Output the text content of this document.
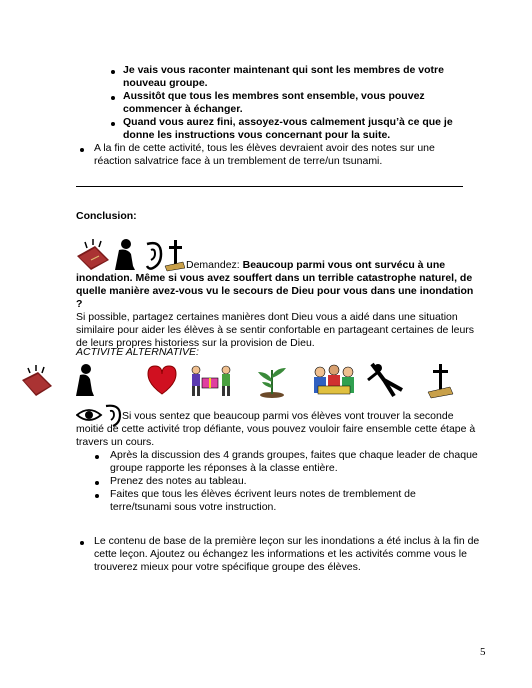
Je vais vous raconter maintenant qui sont les membres de votre nouveau groupe.

Aussitôt que tous les membres sont ensemble, vous pouvez commencer à échanger.

Quand vous aurez fini, assoyez-vous calmement jusqu’à ce que je donne les instructions vous concernant pour la suite.

A la fin de cette activité, tous les élèves devraient avoir des notes sur une réaction salvatrice face à un tremblement de terre/un tsunami.

Conclusion:

Demandez: Beaucoup parmi vous ont survécu à une inondation. Même si vous avez souffert dans un terrible catastrophe naturel, de quelle manière avez-vous vu le secours de Dieu pour vous dans une inondation ?

Si possible, partagez certaines manières dont Dieu vous a aidé dans une situation similaire pour aider les élèves à se sentir confortable en partageant certaines de leurs de leurs propres historiess sur la provision de Dieu.

ACTIVITE ALTERNATIVE:

Si vous sentez que beaucoup parmi vos élèves vont trouver la seconde moitié de cette activité trop défiante, vous pouvez vouloir faire ensemble cette étape à travers un cours.

Après la discussion des 4 grands groupes, faites que chaque leader de chaque groupe rapporte les réponses à la classe entière.

Prenez des notes au tableau.

Faites que tous les élèves écrivent leurs notes de tremblement de terre/tsunami sous votre instruction.

Le contenu de base de la première leçon sur les inondations a été inclus à la fin de cette leçon. Ajoutez ou échangez les informations et les activités comme vous le trouverez mieux pour votre spécifique groupe des élèves.

5
